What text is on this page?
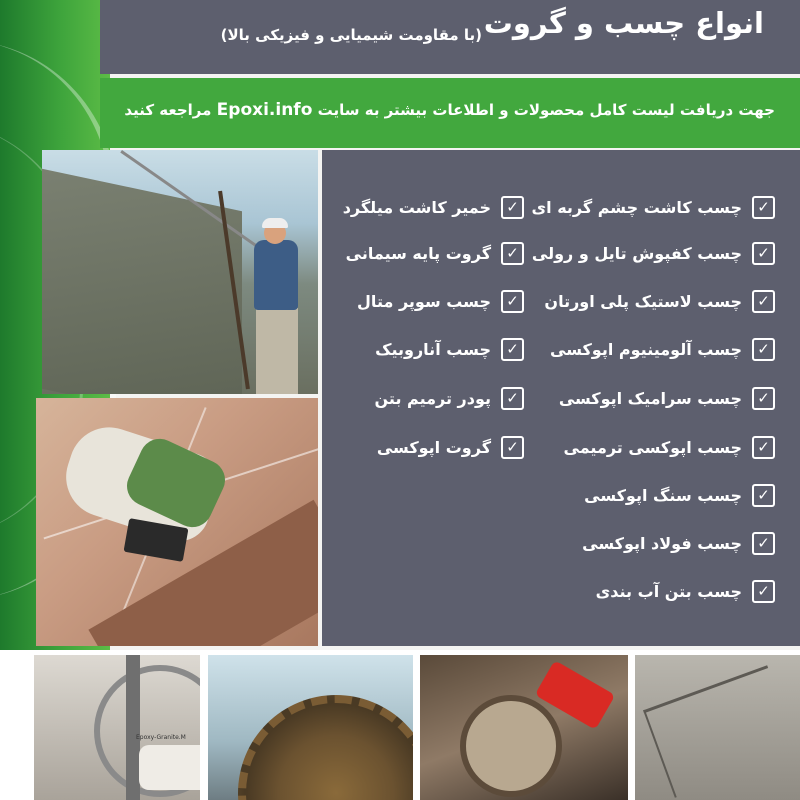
انواع چسب و گروت
(با مقاومت شیمیایی و فیزیکی بالا)
جهت دریافت لیست کامل محصولات و اطلاعات بیشتر به سایت Epoxi.info مراجعه کنید
✓
چسب کاشت چشم گربه ای
✓
چسب کفپوش تایل و رولی
✓
چسب لاستیک پلی اورتان
✓
چسب آلومینیوم اپوکسی
✓
چسب سرامیک اپوکسی
✓
چسب اپوکسی ترمیمی
✓
چسب سنگ اپوکسی
✓
چسب فولاد اپوکسی
✓
چسب بتن آب بندی
✓
خمیر کاشت میلگرد
✓
گروت پایه سیمانی
✓
چسب سوپر متال
✓
چسب آناروبیک
✓
پودر ترمیم بتن
✓
گروت اپوکسی
Epoxy-Granite.M
